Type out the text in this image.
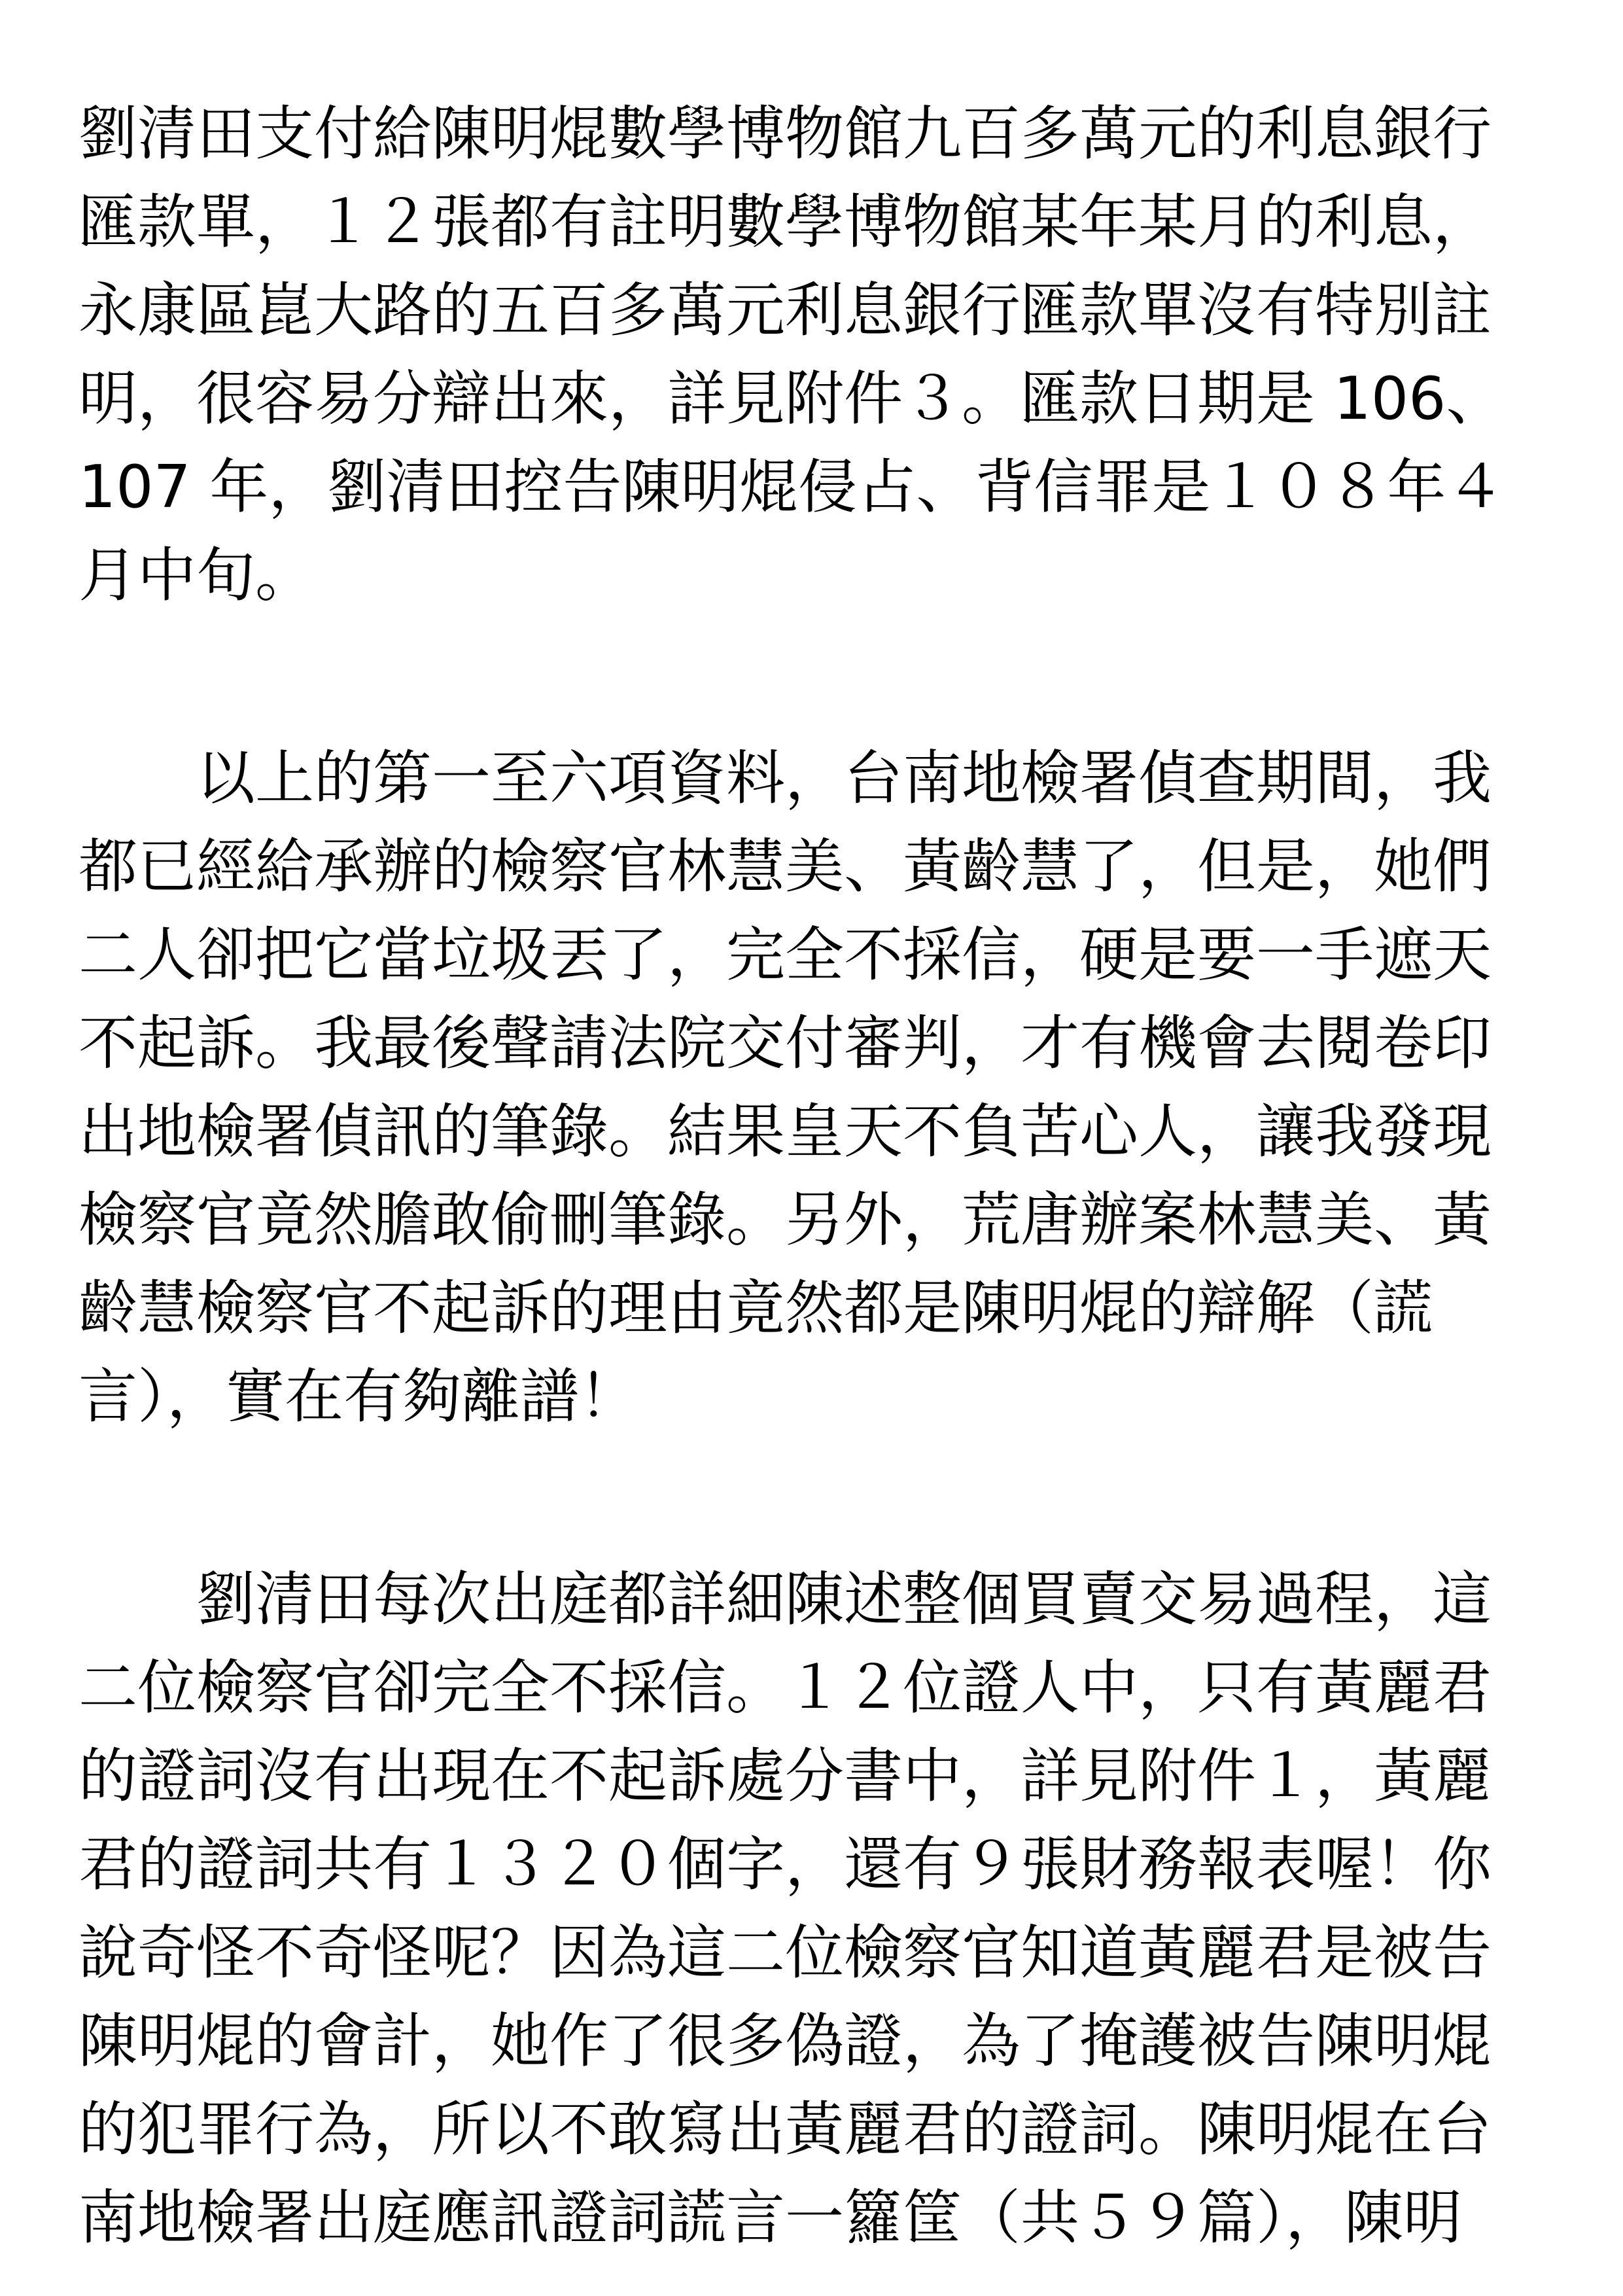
劉清田支付給陳明焜數學博物館九百多萬元的利息銀行
匯款單，１２張都有註明數學博物館某年某月的利息，
永康區崑大路的五百多萬元利息銀行匯款單沒有特別註
明，很容易分辯出來，詳見附件３。匯款日期是 106、
107 年，劉清田控告陳明焜侵占、背信罪是１０８年４
月中旬。
以上的第一至六項資料，台南地檢署偵查期間，我
都已經給承辦的檢察官林慧美、黃齡慧了，但是，她們
二人卻把它當垃圾丟了，完全不採信，硬是要一手遮天
不起訴。我最後聲請法院交付審判，才有機會去閱卷印
出地檢署偵訊的筆錄。結果皇天不負苦心人，讓我發現
檢察官竟然膽敢偷刪筆錄。另外，荒唐辦案林慧美、黃
齡慧檢察官不起訴的理由竟然都是陳明焜的辯解（謊
言），實在有夠離譜！
劉清田每次出庭都詳細陳述整個買賣交易過程，這
二位檢察官卻完全不採信。１２位證人中，只有黃麗君
的證詞沒有出現在不起訴處分書中，詳見附件１，黃麗
君的證詞共有１３２０個字，還有９張財務報表喔！你
說奇怪不奇怪呢？因為這二位檢察官知道黃麗君是被告
陳明焜的會計，她作了很多偽證，為了掩護被告陳明焜
的犯罪行為，所以不敢寫出黃麗君的證詞。陳明焜在台
南地檢署出庭應訊證詞謊言一籮筐（共５９篇），陳明
